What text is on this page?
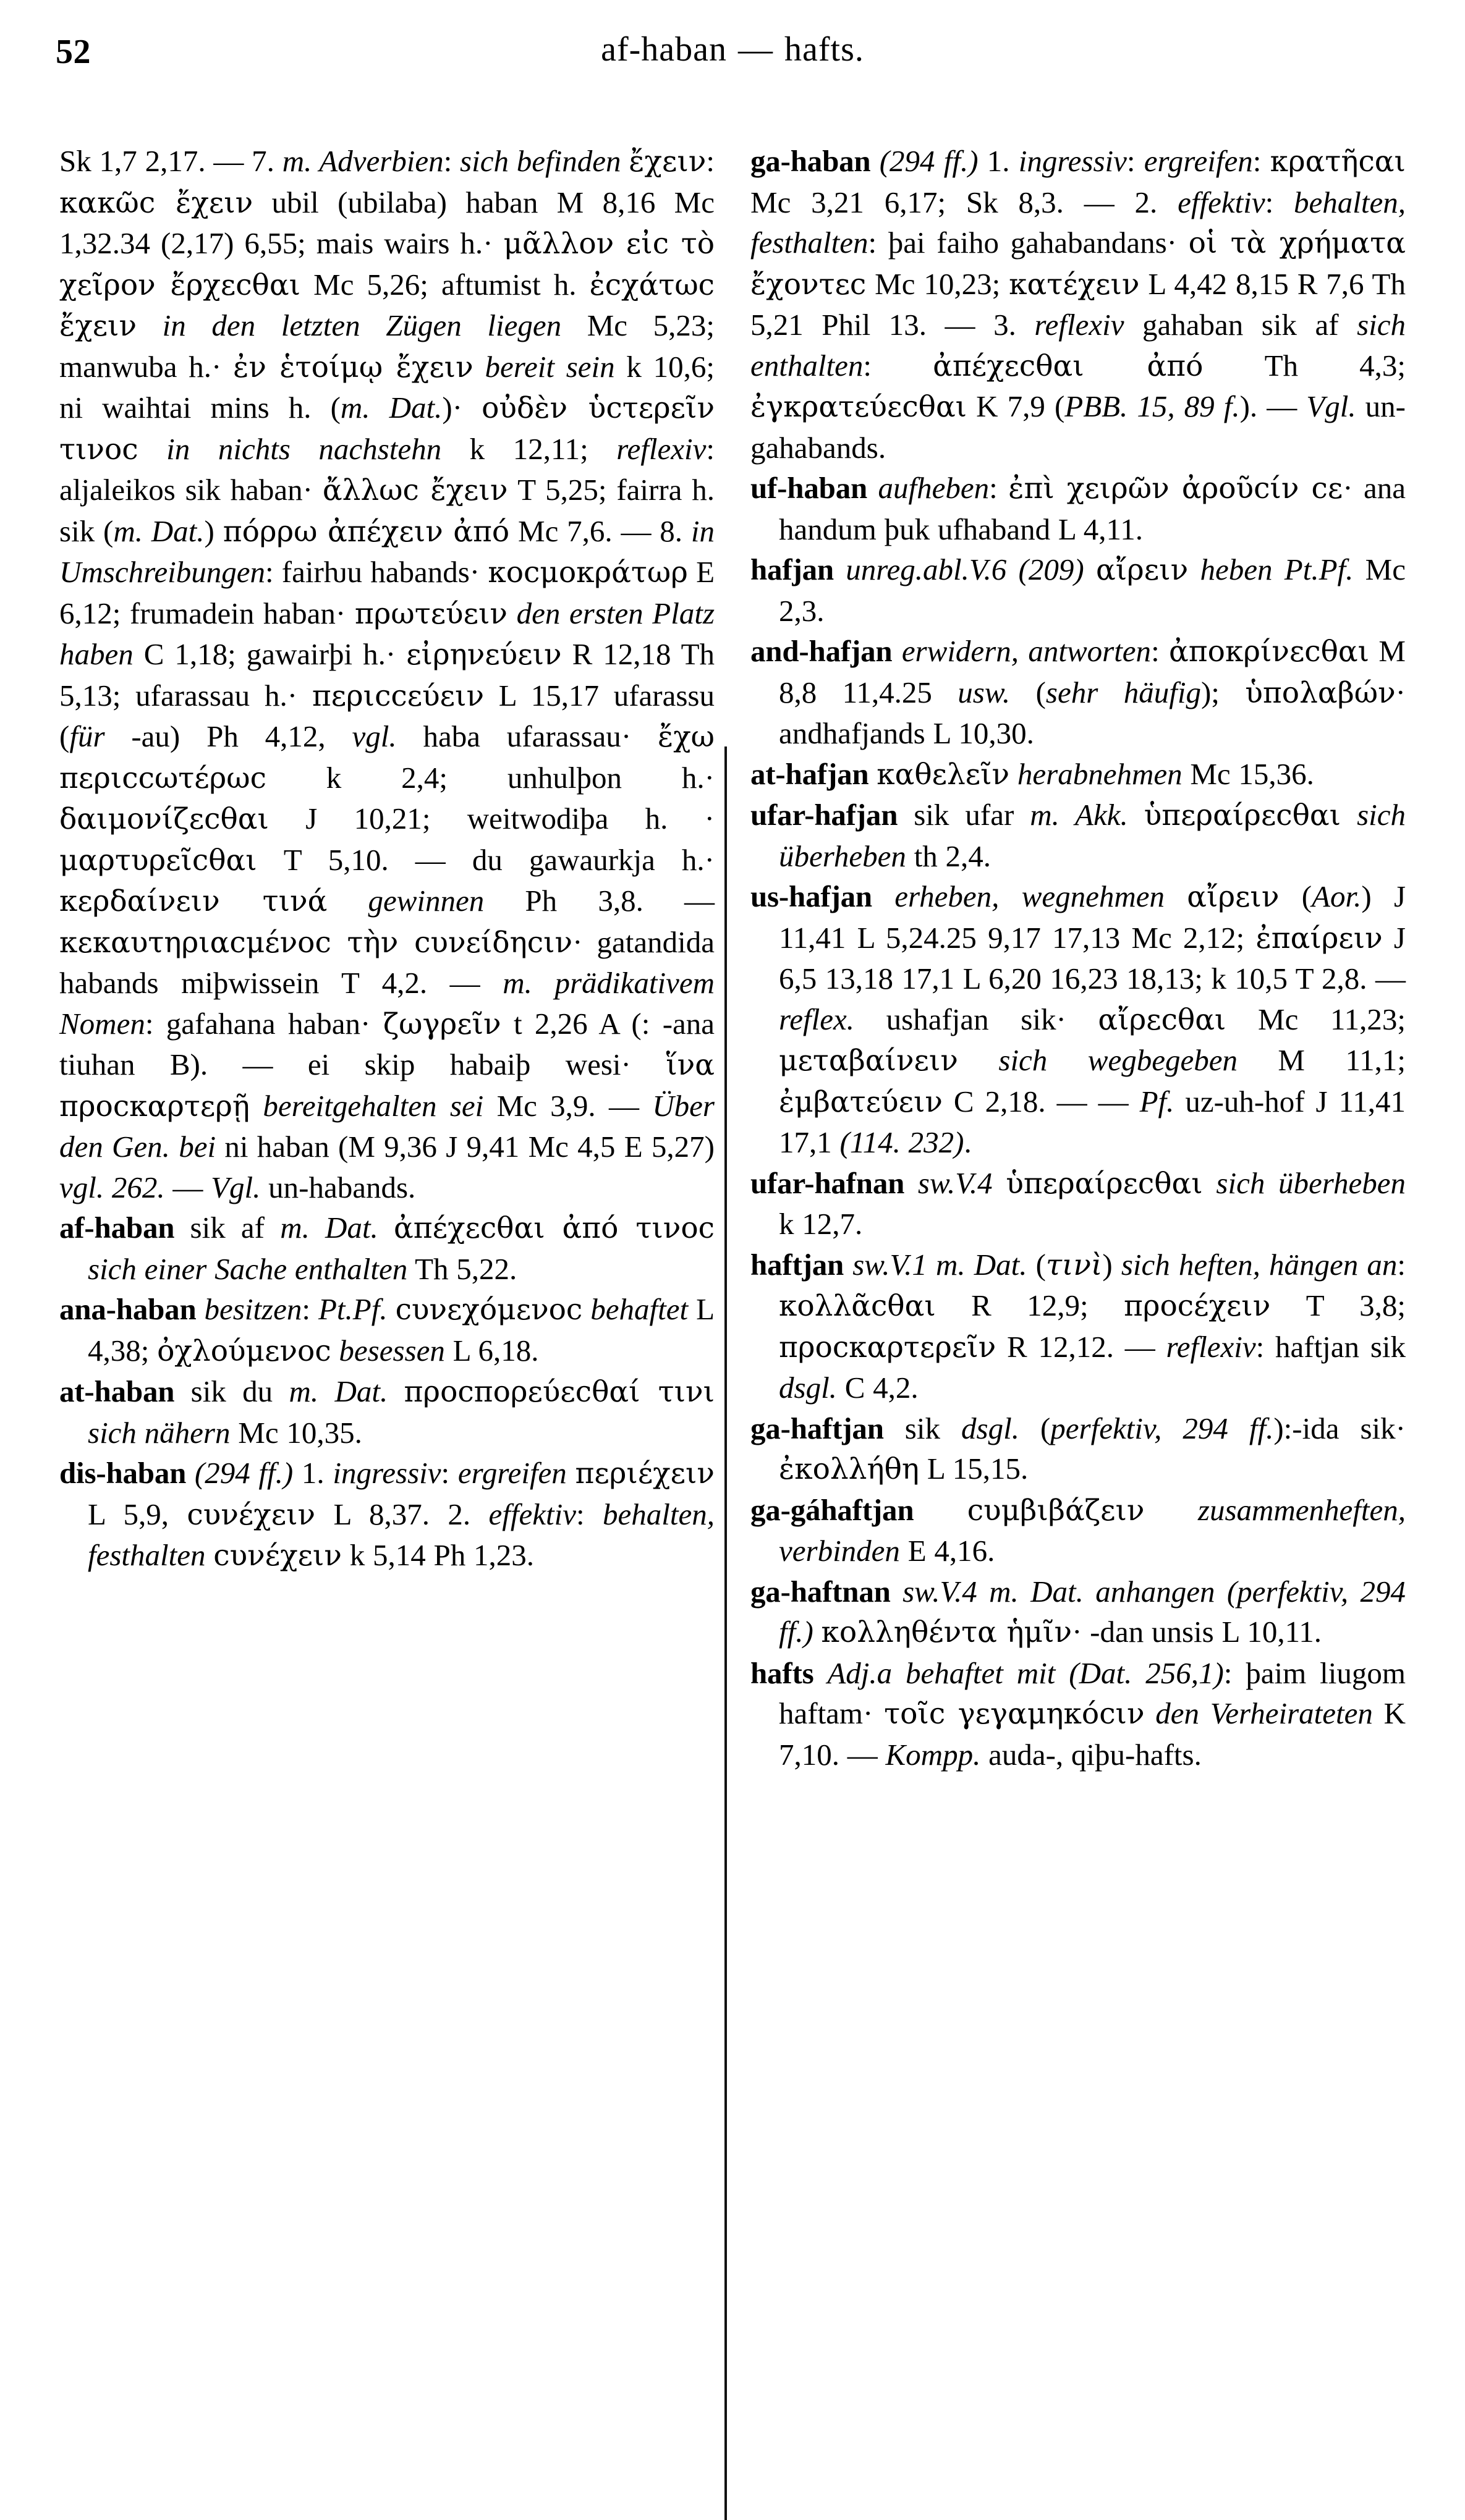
52	af-haban — hafts.

Sk 1,7 2,17. — 7. m. Adverbien: sich befinden ἔχειν: κακῶc ἔχειν ubil (ubilaba) haban M 8,16 Mc 1,32.34 (2,17) 6,55; mais wairs h.· μᾶλλον εἰc τὸ χεῖρον ἔρχεcθαι Mc 5,26; aftumist h. ἐcχάτωc ἔχειν in den letzten Zügen liegen Mc 5,23; manwuba h.· ἐν ἑτοίμῳ ἔχειν bereit sein k 10,6; ni waihtai mins h. (m. Dat.)· οὐδὲν ὑcτερεῖν τινοc in nichts nachstehn k 12,11; reflexiv: aljaleikos sik haban· ἄλλωc ἔχειν T 5,25; fairra h. sik (m. Dat.) πόρρω ἀπέχειν ἀπό Mc 7,6. — 8. in Umschreibungen: fairƕu habands· κοcμοκράτωρ E 6,12; frumadein haban· πρωτεύειν den ersten Platz haben C 1,18; gawairþi h.· εἰρηνεύειν R 12,18 Th 5,13; ufarassau h.· περιccεύειν L 15,17 ufarassu (für -au) Ph 4,12, vgl. haba ufarassau· ἔχω περιccωτέρωc k 2,4; unhulþon h.· δαιμονίζεcθαι J 10,21; weitwodiþa h. · μαρτυρεῖcθαι T 5,10. — du gawaurkja h.· κερδαίνειν τινά gewinnen Ph 3,8. — κεκαυτηριαcμένοc τὴν cυνείδηcιν· gatandida habands miþwissein T 4,2. — m. prädikativem Nomen: gafahana haban· ζωγρεῖν t 2,26 A (: -ana tiuhan B). — ei skip habaiþ wesi· ἵνα προcκαρτερῇ bereitgehalten sei Mc 3,9. — Über den Gen. bei ni haban (M 9,36 J 9,41 Mc 4,5 E 5,27) vgl. 262. — Vgl. un-habands.

af-haban sik af m. Dat. ἀπέχεcθαι ἀπό τινοc sich einer Sache enthalten Th 5,22.

ana-haban besitzen: Pt.Pf. cυνεχόμενοc behaftet L 4,38; ὀχλούμενοc besessen L 6,18.

at-haban sik du m. Dat. προcπορεύεcθαί τινι sich nähern Mc 10,35.

dis-haban (294 ff.) 1. ingressiv: ergreifen περιέχειν L 5,9, cυνέχειν L 8,37. 2. effektiv: behalten, festhalten cυνέχειν k 5,14 Ph 1,23.

ga-haban (294 ff.) 1. ingressiv: ergreifen: κρατῆcαι Mc 3,21 6,17; Sk 8,3. — 2. effektiv: behalten, festhalten: þai faiho gahabandans· οἱ τὰ χρήματα ἔχοντεc Mc 10,23; κατέχειν L 4,42 8,15 R 7,6 Th 5,21 Phil 13. — 3. reflexiv gahaban sik af sich enthalten: ἀπέχεcθαι ἀπό Th 4,3; ἐγκρατεύεcθαι K 7,9 (PBB. 15, 89 f.). — Vgl. un-gahabands.

uf-haban aufheben: ἐπὶ χειρῶν ἀροῦcίν cε· ana handum þuk ufhaband L 4,11.

hafjan unreg.abl.V.6 (209) αἴρειν heben Pt.Pf. Mc 2,3.

and-hafjan erwidern, antworten: ἀποκρίνεcθαι M 8,8 11,4.25 usw. (sehr häufig); ὑπολαβών· andhafjands L 10,30.

at-hafjan καθελεῖν herabnehmen Mc 15,36.

ufar-hafjan sik ufar m. Akk. ὑπεραίρεcθαι sich überheben th 2,4.

us-hafjan erheben, wegnehmen αἴρειν (Aor.) J 11,41 L 5,24.25 9,17 17,13 Mc 2,12; ἐπαίρειν J 6,5 13,18 17,1 L 6,20 16,23 18,13; k 10,5 T 2,8. — reflex. ushafjan sik· αἴρεcθαι Mc 11,23; μεταβαίνειν sich wegbegeben M 11,1; ἐμβατεύειν C 2,18. — — Pf. uz-uh-hof J 11,41 17,1 (114. 232).

ufar-hafnan sw.V.4 ὑπεραίρεcθαι sich überheben k 12,7.

haftjan sw.V.1 m. Dat. (τινὶ) sich heften, hängen an: κολλᾶcθαι R 12,9; προcέχειν T 3,8; προcκαρτερεῖν R 12,12. — reflexiv: haftjan sik dsgl. C 4,2.

ga-haftjan sik dsgl. (perfektiv, 294 ff.):-ida sik· ἐκολλήθη L 15,15.

ga-gáhaftjan cυμβιβάζειν zusammenheften, verbinden E 4,16.

ga-haftnan sw.V.4 m. Dat. anhangen (perfektiv, 294 ff.) κολληθέντα ἡμῖν· -dan unsis L 10,11.

hafts Adj.a behaftet mit (Dat. 256,1): þaim liugom haftam· τοῖc γεγαμηκόcιν den Verheirateten K 7,10. — Kompp. auda-, qiþu-hafts.
